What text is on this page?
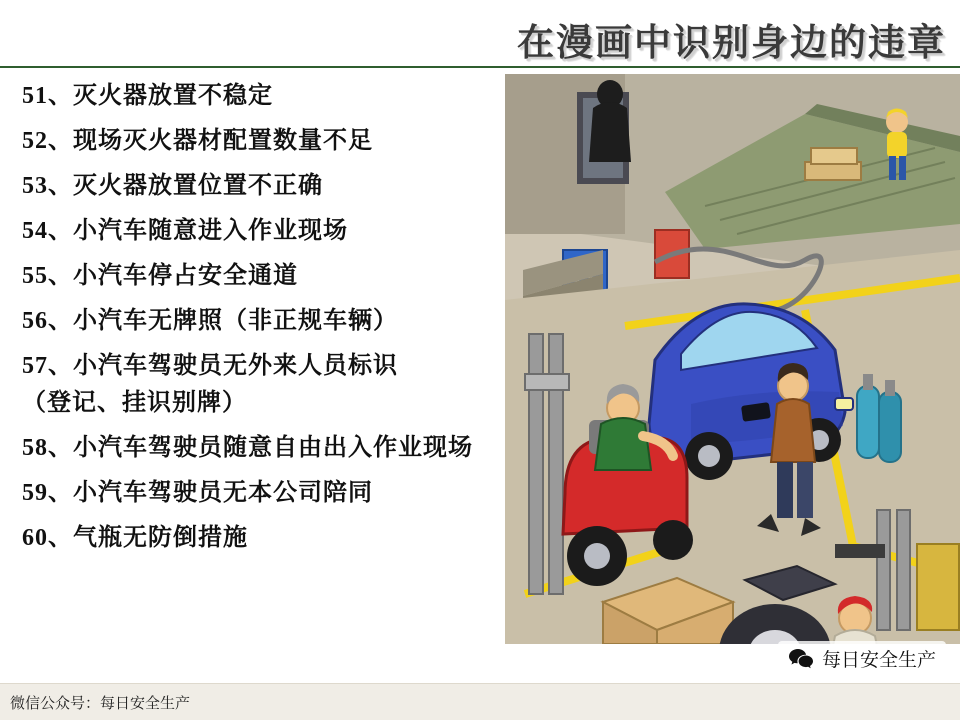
在漫画中识别身边的违章
51、灭火器放置不稳定
52、现场灭火器材配置数量不足
53、灭火器放置位置不正确
54、小汽车随意进入作业现场
55、小汽车停占安全通道
56、小汽车无牌照（非正规车辆）
57、小汽车驾驶员无外来人员标识
（登记、挂识别牌）
58、小汽车驾驶员随意自由出入作业现场
59、小汽车驾驶员无本公司陪同
60、气瓶无防倒措施
每日安全生产
微信公众号：每日安全生产
